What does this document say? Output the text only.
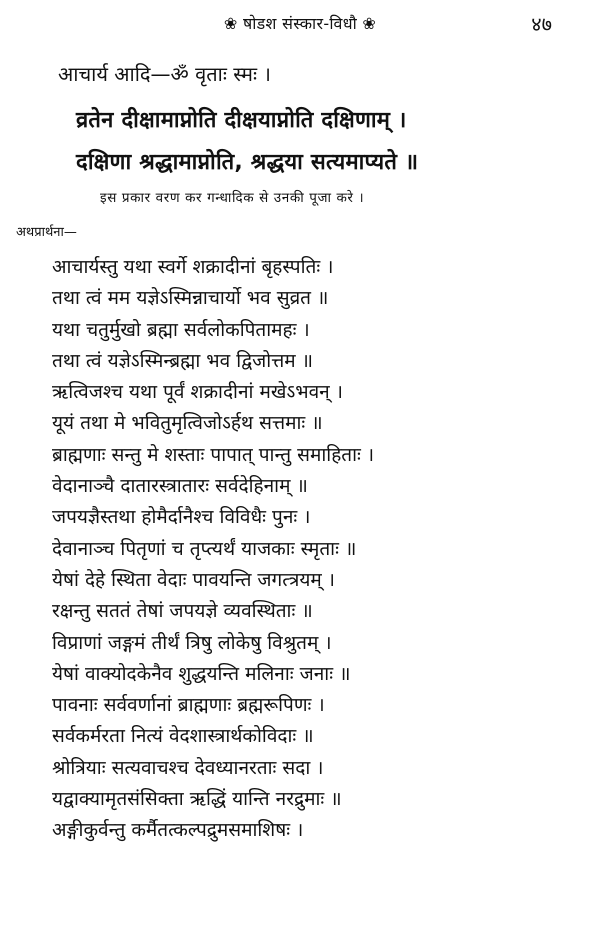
❀ षोडश संस्कार-विधौ ❀	४७
आचार्य आदि—ॐ वृताः स्मः ।
व्रतेन दीक्षामाप्नोति दीक्षयाप्नोति दक्षिणाम् ।
दक्षिणा श्रद्धामाप्नोति, श्रद्धया सत्यमाप्यते ॥
इस प्रकार वरण कर गन्धादिक से उनकी पूजा करे ।
अथप्रार्थना—
आचार्यस्तु यथा स्वर्गे शक्रादीनां बृहस्पतिः ।
तथा त्वं मम यज्ञेऽस्मिन्नाचार्यो भव सुव्रत ॥
यथा चतुर्मुखो ब्रह्मा सर्वलोकपितामहः ।
तथा त्वं यज्ञेऽस्मिन्ब्रह्मा भव द्विजोत्तम ॥
ऋत्विजश्च यथा पूर्वं शक्रादीनां मखेऽभवन् ।
यूयं तथा मे भवितुमृत्विजोऽर्हथ सत्तमाः ॥
ब्राह्मणाः सन्तु मे शस्ताः पापात् पान्तु समाहिताः ।
वेदानाञ्चै दातारस्त्रातारः सर्वदेहिनाम् ॥
जपयज्ञैस्तथा होमैर्दानैश्च विविधैः पुनः ।
देवानाञ्च पितृणां च तृप्त्यर्थं याजकाः स्मृताः ॥
येषां देहे स्थिता वेदाः पावयन्ति जगत्त्रयम् ।
रक्षन्तु सततं तेषां जपयज्ञे व्यवस्थिताः ॥
विप्राणां जङ्गमं तीर्थं त्रिषु लोकेषु विश्रुतम् ।
येषां वाक्योदकेनैव शुद्धयन्ति मलिनाः जनाः ॥
पावनाः सर्ववर्णानां ब्राह्मणाः ब्रह्मरूपिणः ।
सर्वकर्मरता नित्यं वेदशास्त्रार्थकोविदाः ॥
श्रोत्रियाः सत्यवाचश्च देवध्यानरताः सदा ।
यद्वाक्यामृतसंसिक्ता ऋद्धिं यान्ति नरद्रुमाः ॥
अङ्गीकुर्वन्तु कर्मैतत्कल्पद्रुमसमाशिषः ।
